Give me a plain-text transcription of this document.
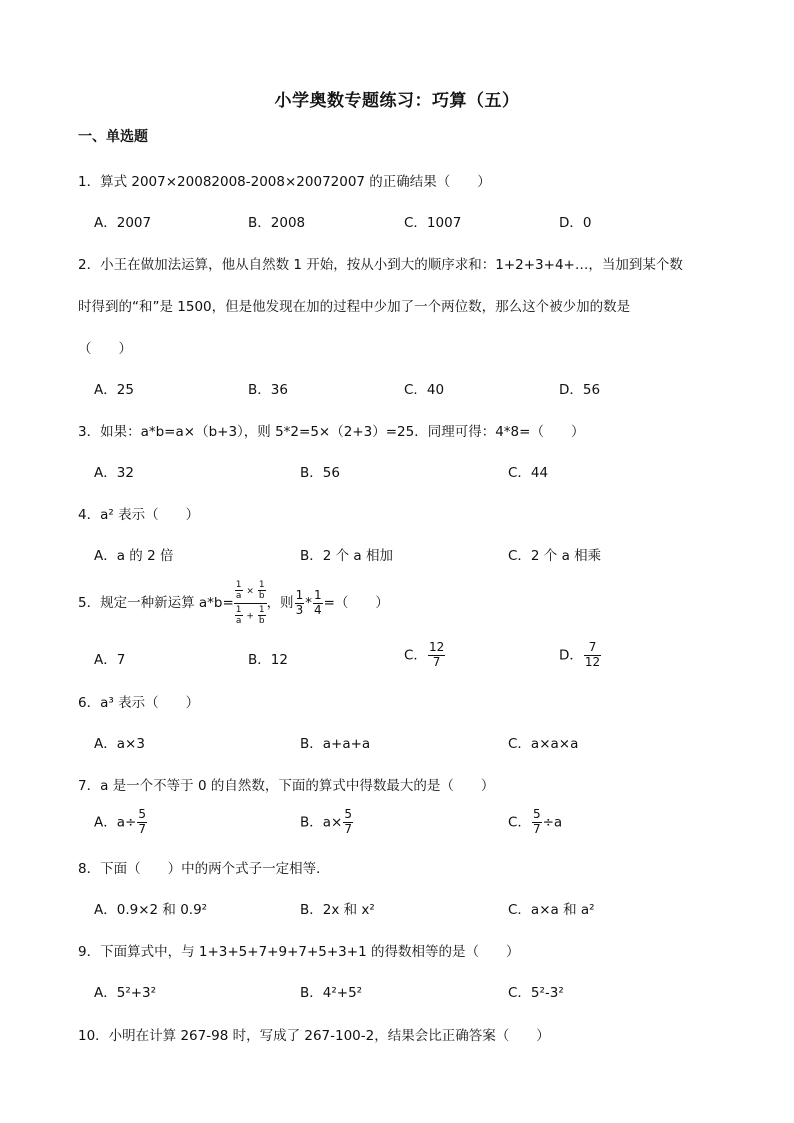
小学奥数专题练习：巧算（五）
一、单选题
1．算式 2007×20082008-2008×20072007 的正确结果（　　）
A．2007	B．2008	C．1007	D．0
2．小王在做加法运算，他从自然数 1 开始，按从小到大的顺序求和：1+2+3+4+…，当加到某个数
时得到的“和”是 1500，但是他发现在加的过程中少加了一个两位数，那么这个被少加的数是
（　　）
A．25	B．36	C．40	D．56
3．如果：a*b=a×（b+3），则 5*2=5×（2+3）=25．同理可得：4*8=（　　）
A．32	B．56	C．44
4．a² 表示（　　）
A．a 的 2 倍	B．2 个 a 相加	C．2 个 a 相乘
5．规定一种新运算 $a*b= \frac{\frac{1}{a} \times \frac{1}{b}}{\frac{1}{a} + \frac{1}{b}}$ ，则 $\frac{1}{3} * \frac{1}{4}$ =（　　）
A．7	B．12	C． $\frac{12}{7}$	D． $\frac{7}{12}$
6．a³ 表示（　　）
A．a×3	B．a+a+a	C．a×a×a
7．a 是一个不等于 0 的自然数，下面的算式中得数最大的是（　　）
A．$a\div \frac{5}{7}$	B．$a\times \frac{5}{7}$	C． $\frac{5}{7} \div a$
8．下面（　　）中的两个式子一定相等．
A．0.9×2 和 0.9²	B．2x 和 x²	C．a×a 和 a²
9．下面算式中，与 1+3+5+7+9+7+5+3+1 的得数相等的是（　　）
A．5²+3²	B．4²+5²	C．5²-3²
10．小明在计算 267-98 时，写成了 267-100-2，结果会比正确答案（　　）
